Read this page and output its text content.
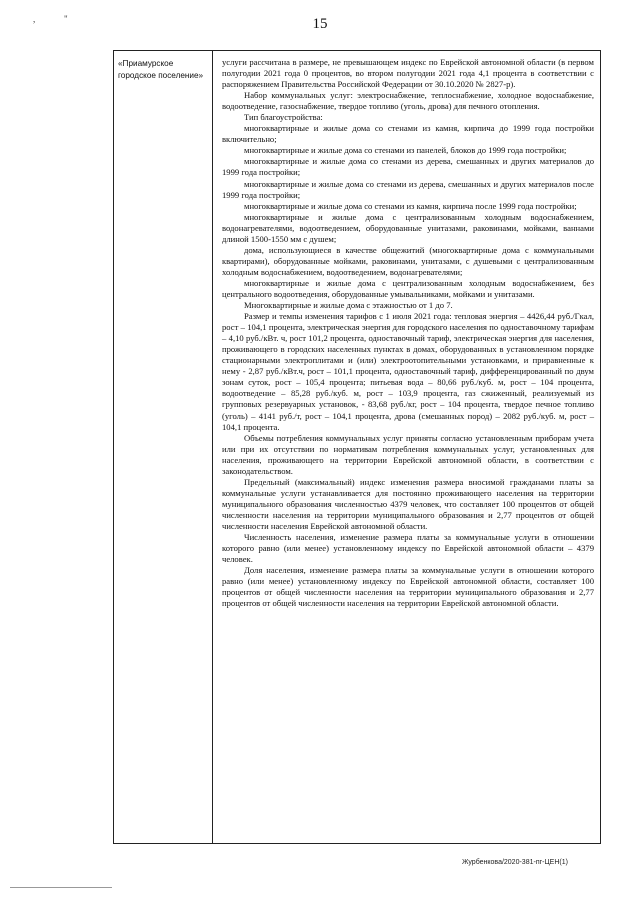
,	"	15
«Приамурское городское поселение»

услуги рассчитана в размере, не превышающем индекс по Еврейской автономной области (в первом полугодии 2021 года 0 процентов, во втором полугодии 2021 года 4,1 процента в соответствии с распоряжением Правительства Российской Федерации от 30.10.2020 № 2827-р).

Набор коммунальных услуг: электроснабжение, теплоснабжение, холодное водоснабжение, водоотведение, газоснабжение, твердое топливо (уголь, дрова) для печного отопления.

Тип благоустройства:

многоквартирные и жилые дома со стенами из камня, кирпича до 1999 года постройки включительно;

многоквартирные и жилые дома со стенами из панелей, блоков до 1999 года постройки;

многоквартирные и жилые дома со стенами из дерева, смешанных и других материалов до 1999 года постройки;

многоквартирные и жилые дома со стенами из дерева, смешанных и других материалов после 1999 года постройки;

многоквартирные и жилые дома со стенами из камня, кирпича после 1999 года постройки;

многоквартирные и жилые дома с централизованным холодным водоснабжением, водонагревателями, водоотведением, оборудованные унитазами, раковинами, мойками, ваннами длиной 1500-1550 мм с душем;

дома, использующиеся в качестве общежитий (многоквартирные дома с коммунальными квартирами), оборудованные мойками, раковинами, унитазами, с душевыми с централизованным холодным водоснабжением, водоотведением, водонагревателями;

многоквартирные и жилые дома с централизованным холодным водоснабжением, без центрального водоотведения, оборудованные умывальниками, мойками и унитазами.

Многоквартирные и жилые дома с этажностью от 1 до 7.

Размер и темпы изменения тарифов с 1 июля 2021 года: тепловая энергия – 4426,44 руб./Гкал, рост – 104,1 процента, электрическая энергия для городского населения по одноставочному тарифам – 4,10 руб./кВт. ч, рост 101,2 процента, одноставочный тариф, электрическая энергия для населения, проживающего в городских населенных пунктах в домах, оборудованных в установленном порядке стационарными электроплитами и (или) электроотопительными установками, и приравненные к нему - 2,87 руб./кВт.ч, рост – 101,1 процента, одноставочный тариф, дифференцированный по двум зонам суток, рост – 105,4 процента; питьевая вода – 80,66 руб./куб. м, рост – 104 процента, водоотведение – 85,28 руб./куб. м, рост – 103,9 процента, газ сжиженный, реализуемый из групповых резервуарных установок, - 83,68 руб./кг, рост – 104 процента, твердое печное топливо (уголь) – 4141 руб./т, рост – 104,1 процента, дрова (смешанных пород) – 2082 руб./куб. м, рост – 104,1 процента.

Объемы потребления коммунальных услуг приняты согласно установленным приборам учета или при их отсутствии по нормативам потребления коммунальных услуг, установленных для населения, проживающего на территории Еврейской автономной области, в соответствии с законодательством.

Предельный (максимальный) индекс изменения размера вносимой гражданами платы за коммунальные услуги устанавливается для постоянно проживающего населения на территории муниципального образования численностью 4379 человек, что составляет 100 процентов от общей численности населения на территории муниципального образования и 2,77 процентов от общей численности населения Еврейской автономной области.

Численность населения, изменение размера платы за коммунальные услуги в отношении которого равно (или менее) установленному индексу по Еврейской автономной области – 4379 человек.

Доля населения, изменение размера платы за коммунальные услуги в отношении которого равно (или менее) установленному индексу по Еврейской автономной области, составляет 100 процентов от общей численности населения на территории муниципального образования и 2,77 процентов от общей численности населения на территории Еврейской автономной области.

Журбенкова/2020-381-пг-ЦЕН(1)
